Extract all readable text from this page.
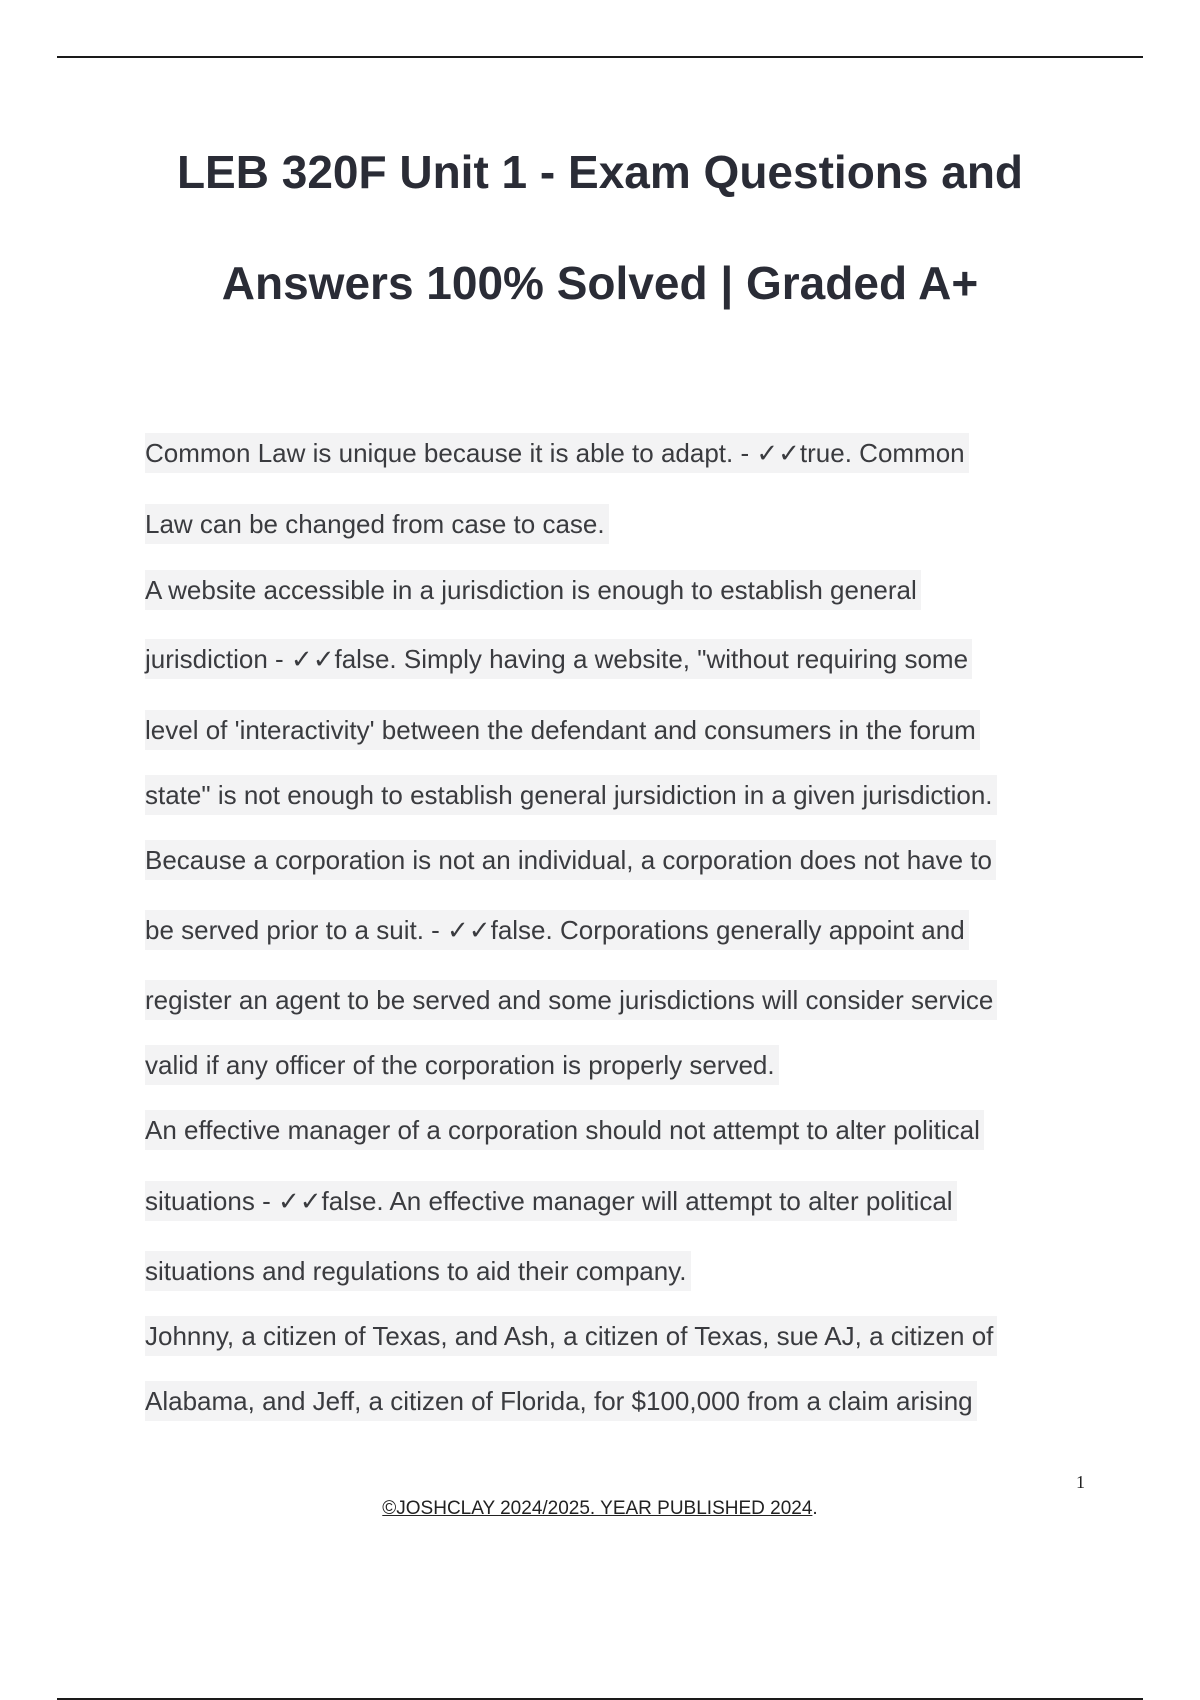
LEB 320F Unit 1 - Exam Questions and
Answers 100% Solved | Graded A+
Common Law is unique because it is able to adapt. - ✓✓true. Common
Law can be changed from case to case.
A website accessible in a jurisdiction is enough to establish general
jurisdiction - ✓✓false. Simply having a website, "without requiring some
level of 'interactivity' between the defendant and consumers in the forum
state" is not enough to establish general jursidiction in a given jurisdiction.
Because a corporation is not an individual, a corporation does not have to
be served prior to a suit. - ✓✓false. Corporations generally appoint and
register an agent to be served and some jurisdictions will consider service
valid if any officer of the corporation is properly served.
An effective manager of a corporation should not attempt to alter political
situations - ✓✓false. An effective manager will attempt to alter political
situations and regulations to aid their company.
Johnny, a citizen of Texas, and Ash, a citizen of Texas, sue AJ, a citizen of
Alabama, and Jeff, a citizen of Florida, for $100,000 from a claim arising
1
©JOSHCLAY 2024/2025. YEAR PUBLISHED 2024.
